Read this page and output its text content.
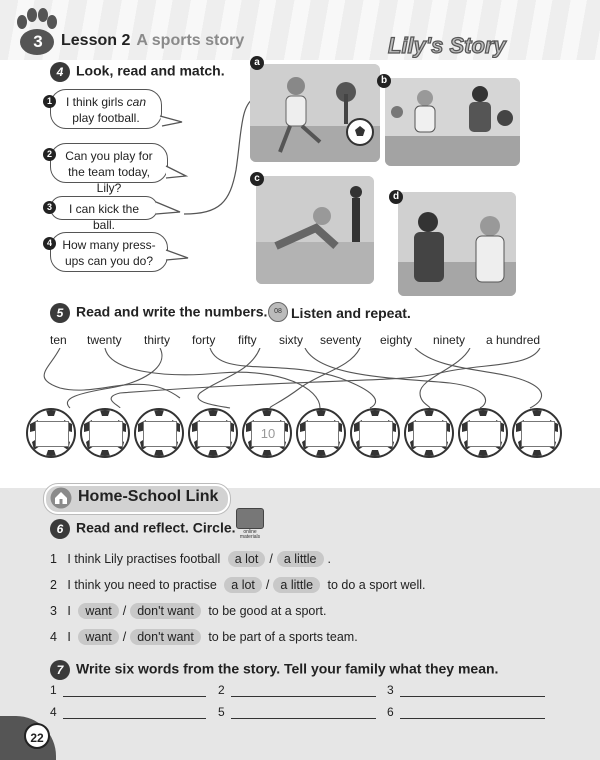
3	Lesson 2 A sports story	Lily's Story
4 Look, read and match.
I think girls can play football.
1
Can you play for the team today, Lily?
2
I can kick the ball.
3
How many press-ups can you do?
4
a
b
c
d
5 Read and write the numbers. 08 Listen and repeat.
ten twenty thirty forty fifty sixty seventy eighty ninety a hundred
10
Home-School Link
6 Read and reflect. Circle.	online materials
1 I think Lily practises football a lot / a little .
2 I think you need to practise a lot / a little to do a sport well.
3 I want / don't want to be good at a sport.
4 I want / don't want to be part of a sports team.
7 Write six words from the story. Tell your family what they mean.
1	2	3
4	5	6
22
